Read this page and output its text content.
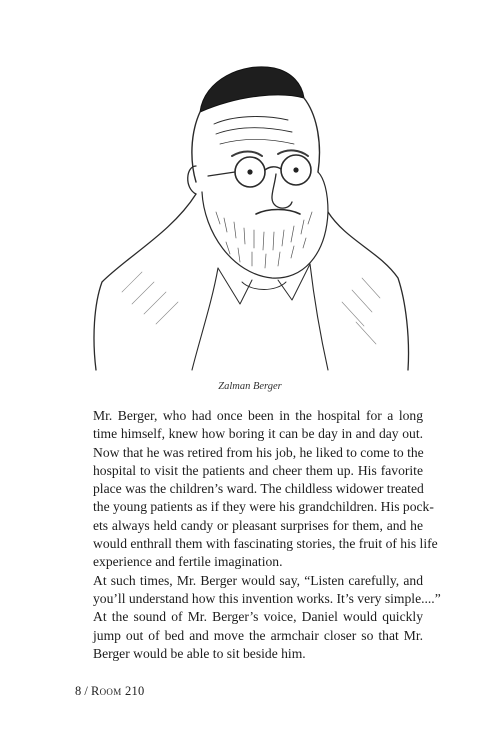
Zalman Berger

Mr. Berger, who had once been in the hospital for a long
time himself, knew how boring it can be day in and day out.
Now that he was retired from his job, he liked to come to the
hospital to visit the patients and cheer them up. His favorite
place was the children’s ward. The childless widower treated
the young patients as if they were his grandchildren. His pock-
ets always held candy or pleasant surprises for them, and he
would enthrall them with fascinating stories, the fruit of his life
experience and fertile imagination.

At such times, Mr. Berger would say, “Listen carefully, and
you’ll understand how this invention works. It’s very simple....”

At the sound of Mr. Berger’s voice, Daniel would quickly
jump out of bed and move the armchair closer so that Mr.
Berger would be able to sit beside him.

8 / Room 210
